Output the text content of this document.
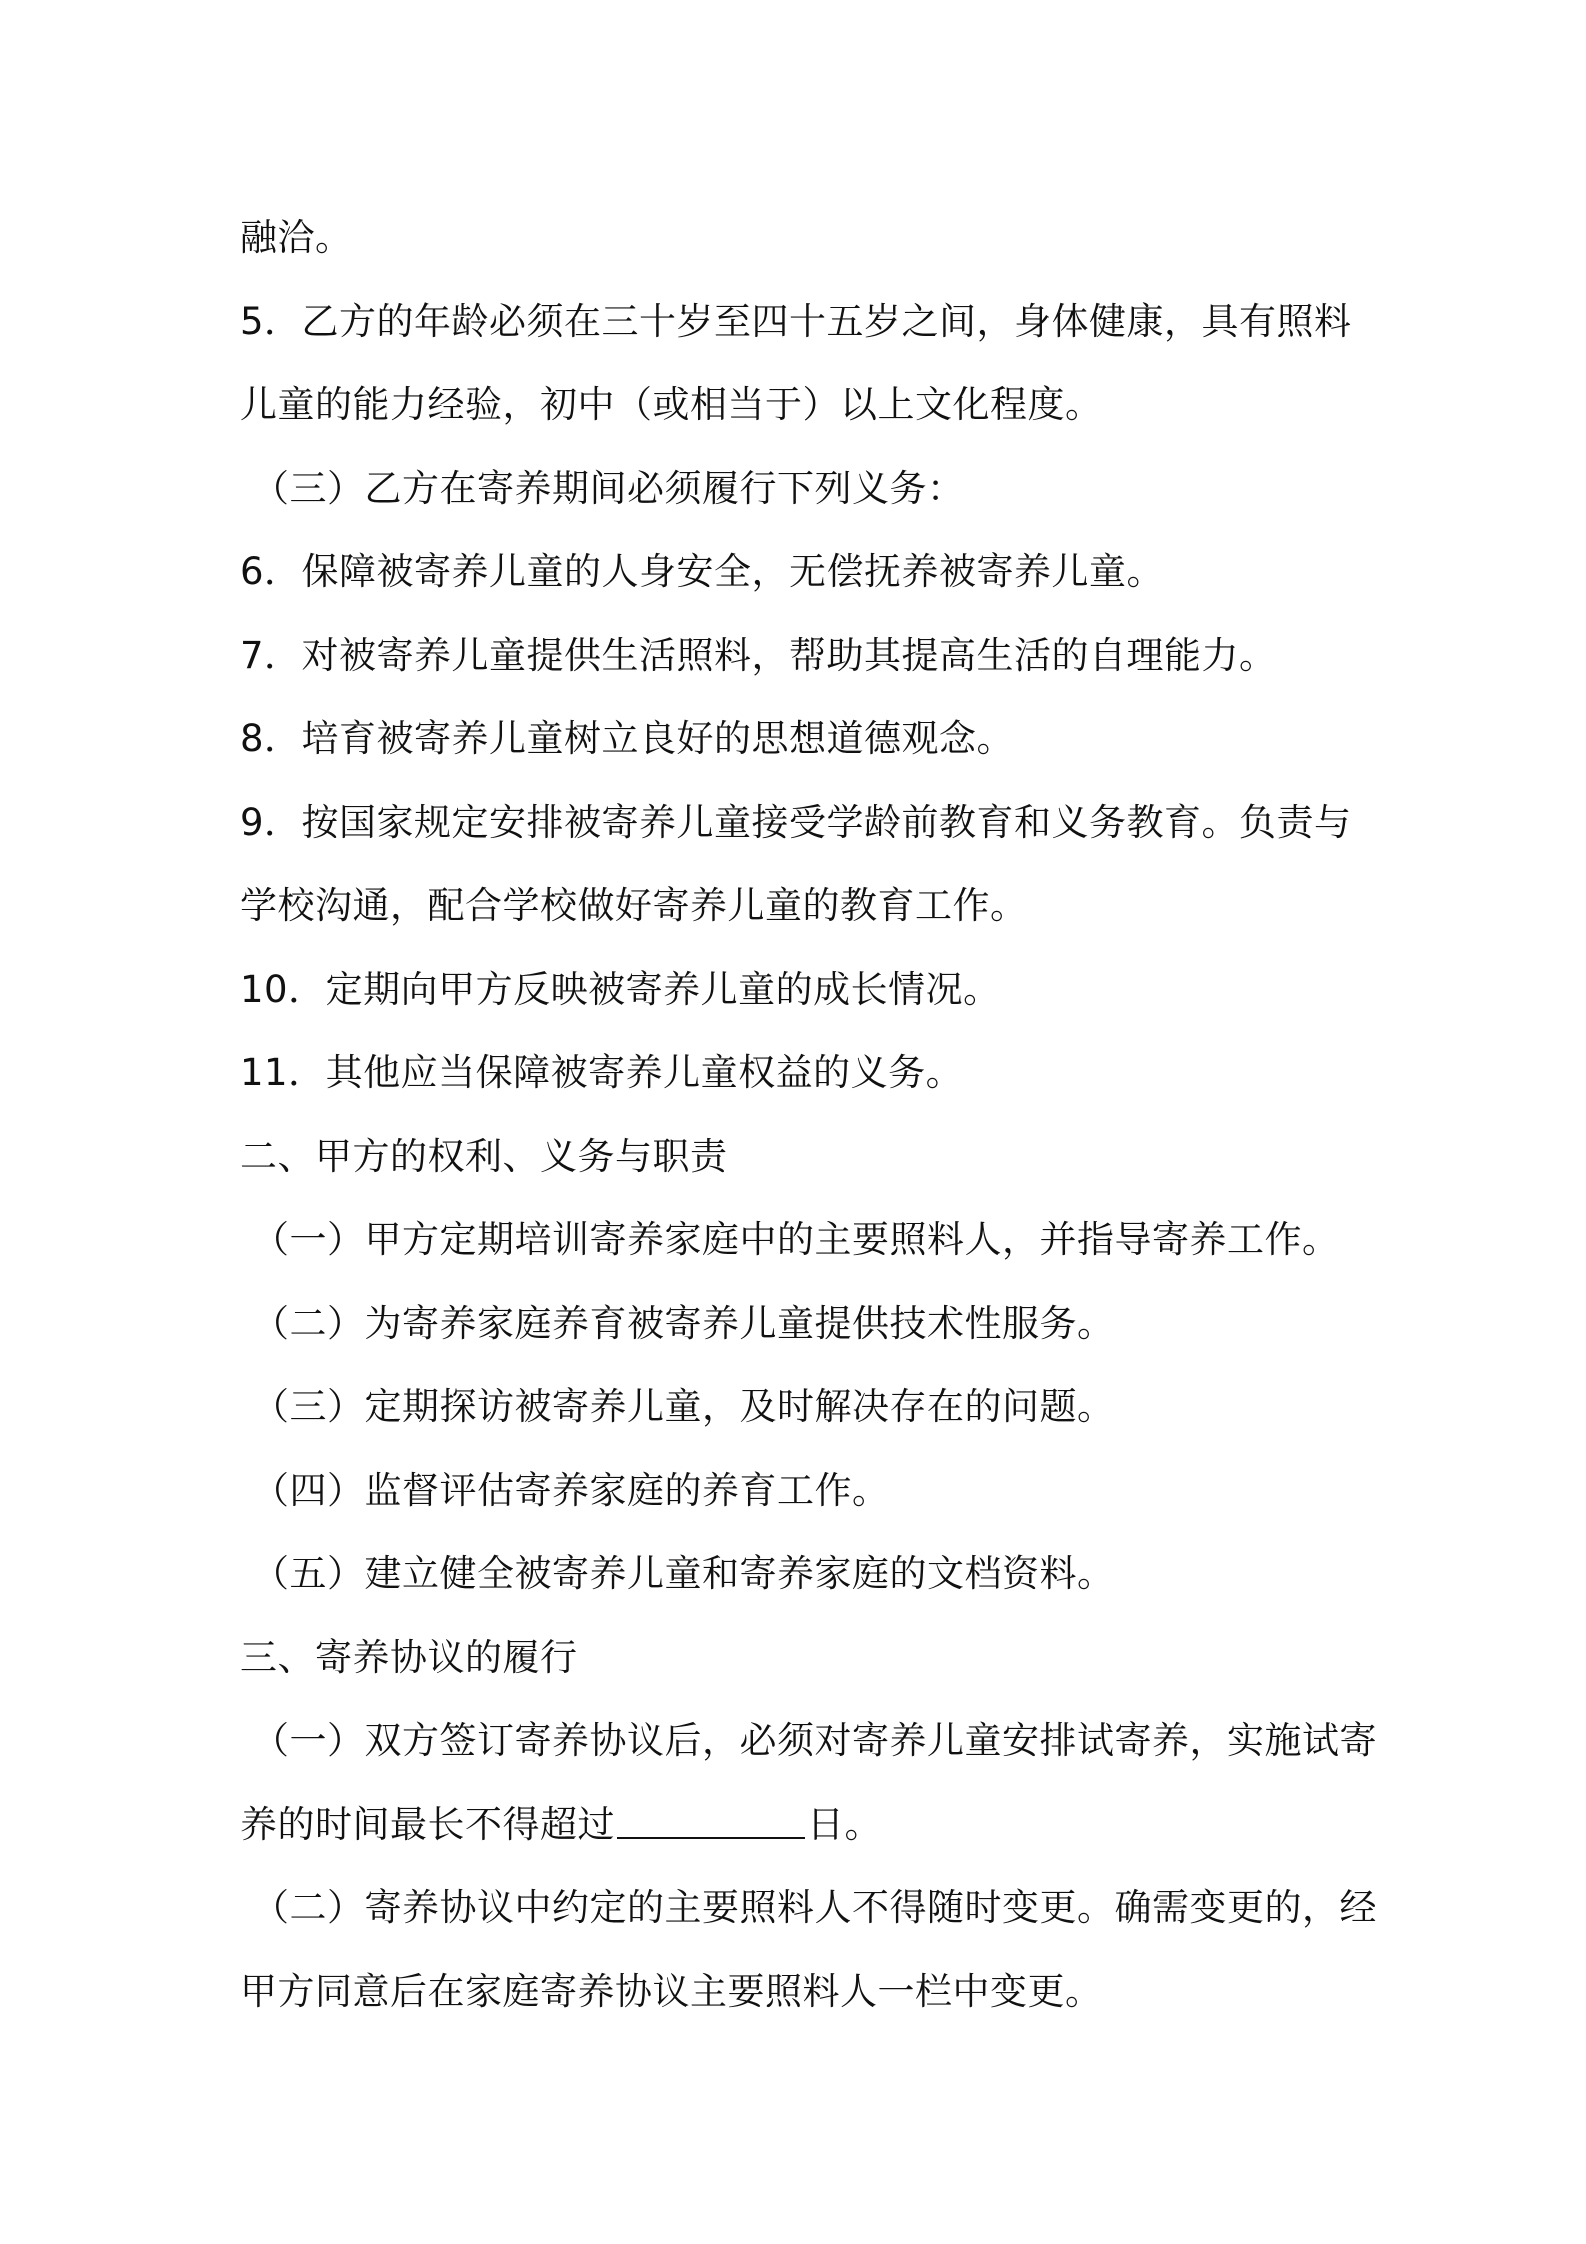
融洽。
5．乙方的年龄必须在三十岁至四十五岁之间，身体健康，具有照料
儿童的能力经验，初中（或相当于）以上文化程度。
（三）乙方在寄养期间必须履行下列义务：
6．保障被寄养儿童的人身安全，无偿抚养被寄养儿童。
7．对被寄养儿童提供生活照料，帮助其提高生活的自理能力。
8．培育被寄养儿童树立良好的思想道德观念。
9．按国家规定安排被寄养儿童接受学龄前教育和义务教育。负责与
学校沟通，配合学校做好寄养儿童的教育工作。
10．定期向甲方反映被寄养儿童的成长情况。
11．其他应当保障被寄养儿童权益的义务。
二、甲方的权利、义务与职责
（一）甲方定期培训寄养家庭中的主要照料人，并指导寄养工作。
（二）为寄养家庭养育被寄养儿童提供技术性服务。
（三）定期探访被寄养儿童，及时解决存在的问题。
（四）监督评估寄养家庭的养育工作。
（五）建立健全被寄养儿童和寄养家庭的文档资料。
三、寄养协议的履行
（一）双方签订寄养协议后，必须对寄养儿童安排试寄养，实施试寄
养的时间最长不得超过	日。
（二）寄养协议中约定的主要照料人不得随时变更。确需变更的，经
甲方同意后在家庭寄养协议主要照料人一栏中变更。
